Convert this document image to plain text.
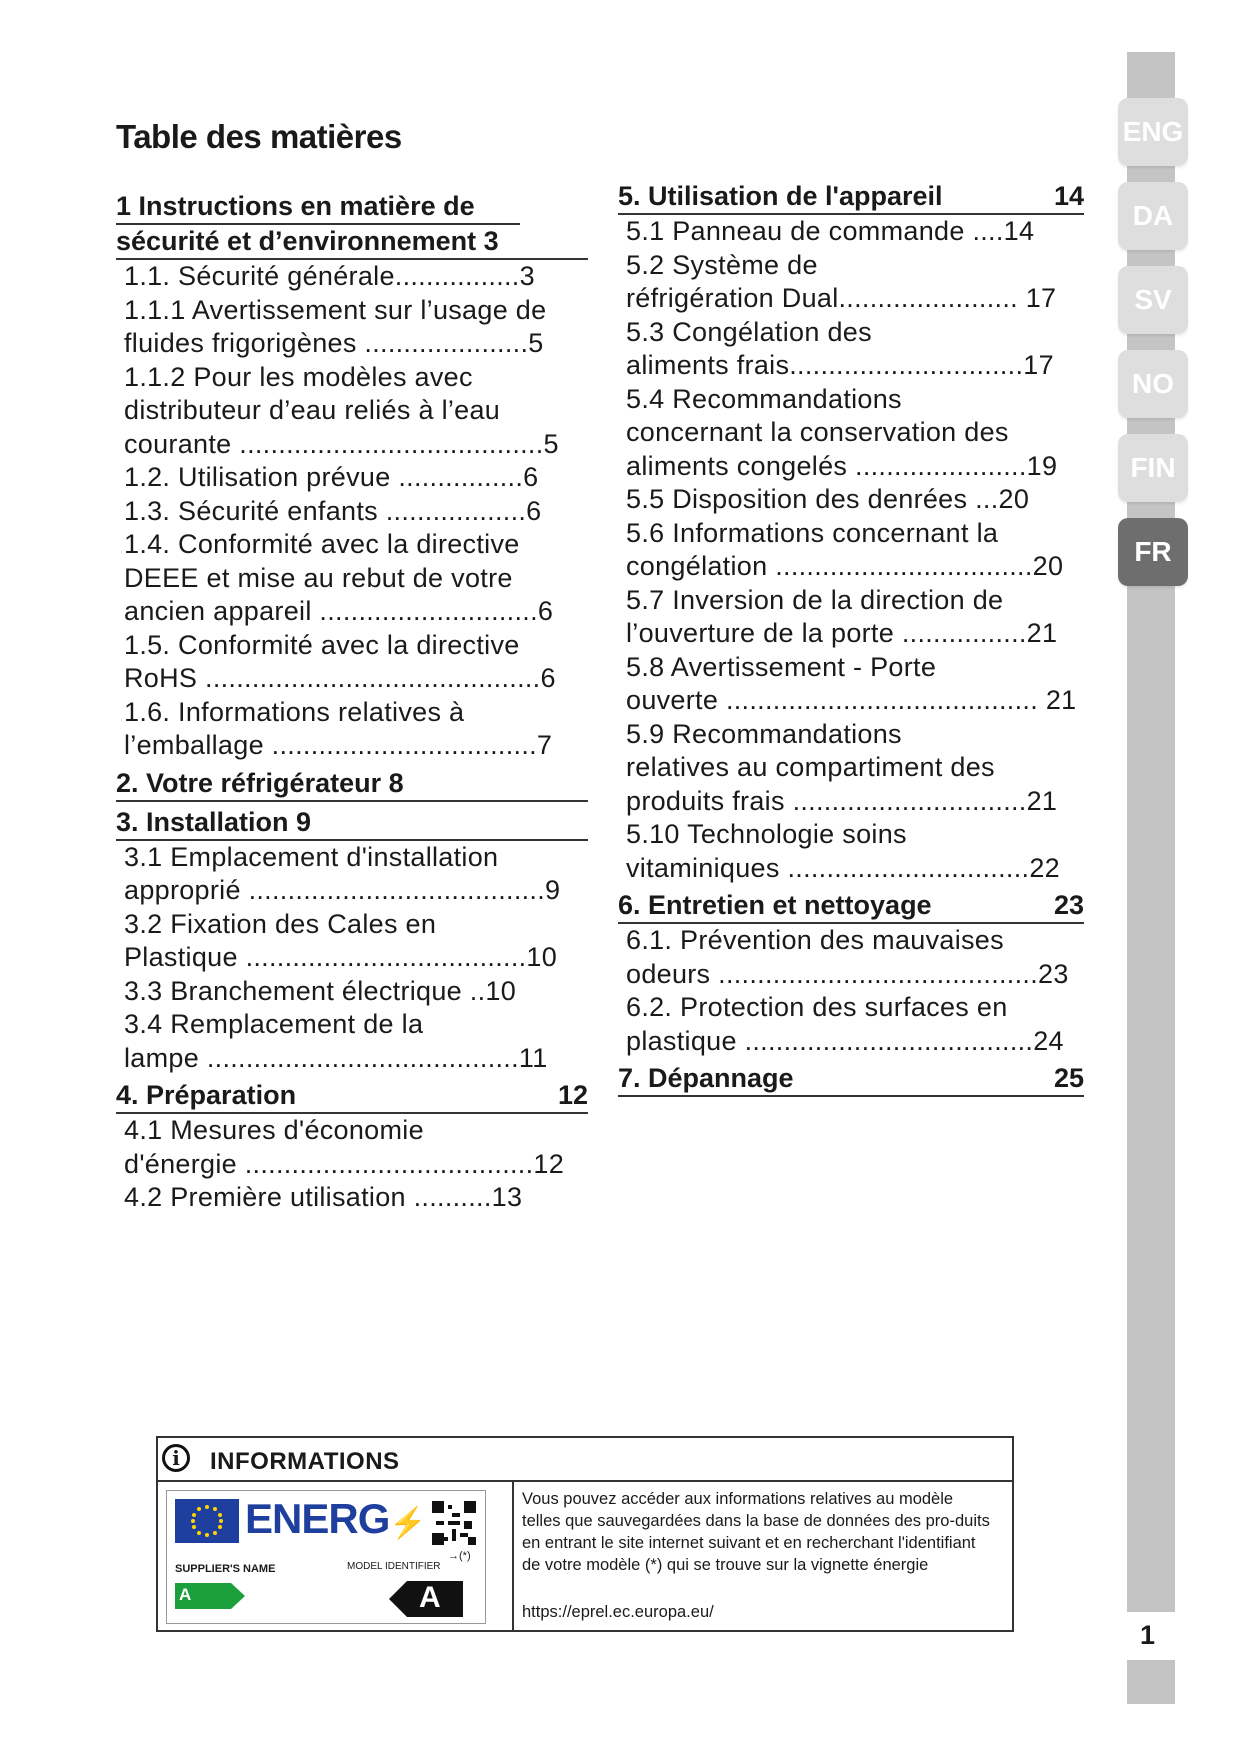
Table des matières
1 Instructions en matière de
sécurité et d’environnement 3
1.1. Sécurité générale................3
1.1.1 Avertissement sur l’usage de
fluides frigorigènes .....................5
1.1.2 Pour les modèles avec
distributeur d’eau reliés à l’eau
courante .......................................5
1.2. Utilisation prévue ................6
1.3. Sécurité enfants ..................6
1.4. Conformité avec la directive
DEEE et mise au rebut de votre
ancien appareil ............................6
1.5. Conformité avec la directive
RoHS ...........................................6
1.6. Informations relatives à
l’emballage ..................................7
2. Votre réfrigérateur 8
3. Installation 9
3.1 Emplacement d'installation
approprié ......................................9
3.2 Fixation des Cales en
Plastique ....................................10
3.3 Branchement électrique ..10
3.4 Remplacement de la
lampe ........................................11
4. Préparation	12
4.1 Mesures d'économie
d'énergie .....................................12
4.2 Première utilisation ..........13
5. Utilisation de l'appareil	14
5.1 Panneau de commande ....14
5.2 Système de
réfrigération Dual....................... 17
5.3 Congélation des
aliments frais..............................17
5.4 Recommandations
concernant la conservation des
aliments congelés ......................19
5.5 Disposition des denrées ...20
5.6 Informations concernant la
congélation .................................20
5.7 Inversion de la direction de
l’ouverture de la porte ................21
5.8 Avertissement - Porte
ouverte ........................................ 21
5.9 Recommandations
relatives au compartiment des
produits frais ..............................21
5.10 Technologie soins
vitaminiques ...............................22
6. Entretien et nettoyage	23
6.1. Prévention des mauvaises
odeurs .........................................23
6.2. Protection des surfaces en
plastique .....................................24
7. Dépannage	25
ENG
DA
SV
NO
FIN
FR
1
i	INFORMATIONS
ENERG⚡
SUPPLIER'S NAME	MODEL IDENTIFIER
A	A
→(*)
Vous pouvez accéder aux informations relatives au modèle telles que sauvegardées dans la base de données des pro-duits en entrant le site internet suivant et en recherchant l'identifiant de votre modèle (*) qui se trouve sur la vignette énergie
https://eprel.ec.europa.eu/
